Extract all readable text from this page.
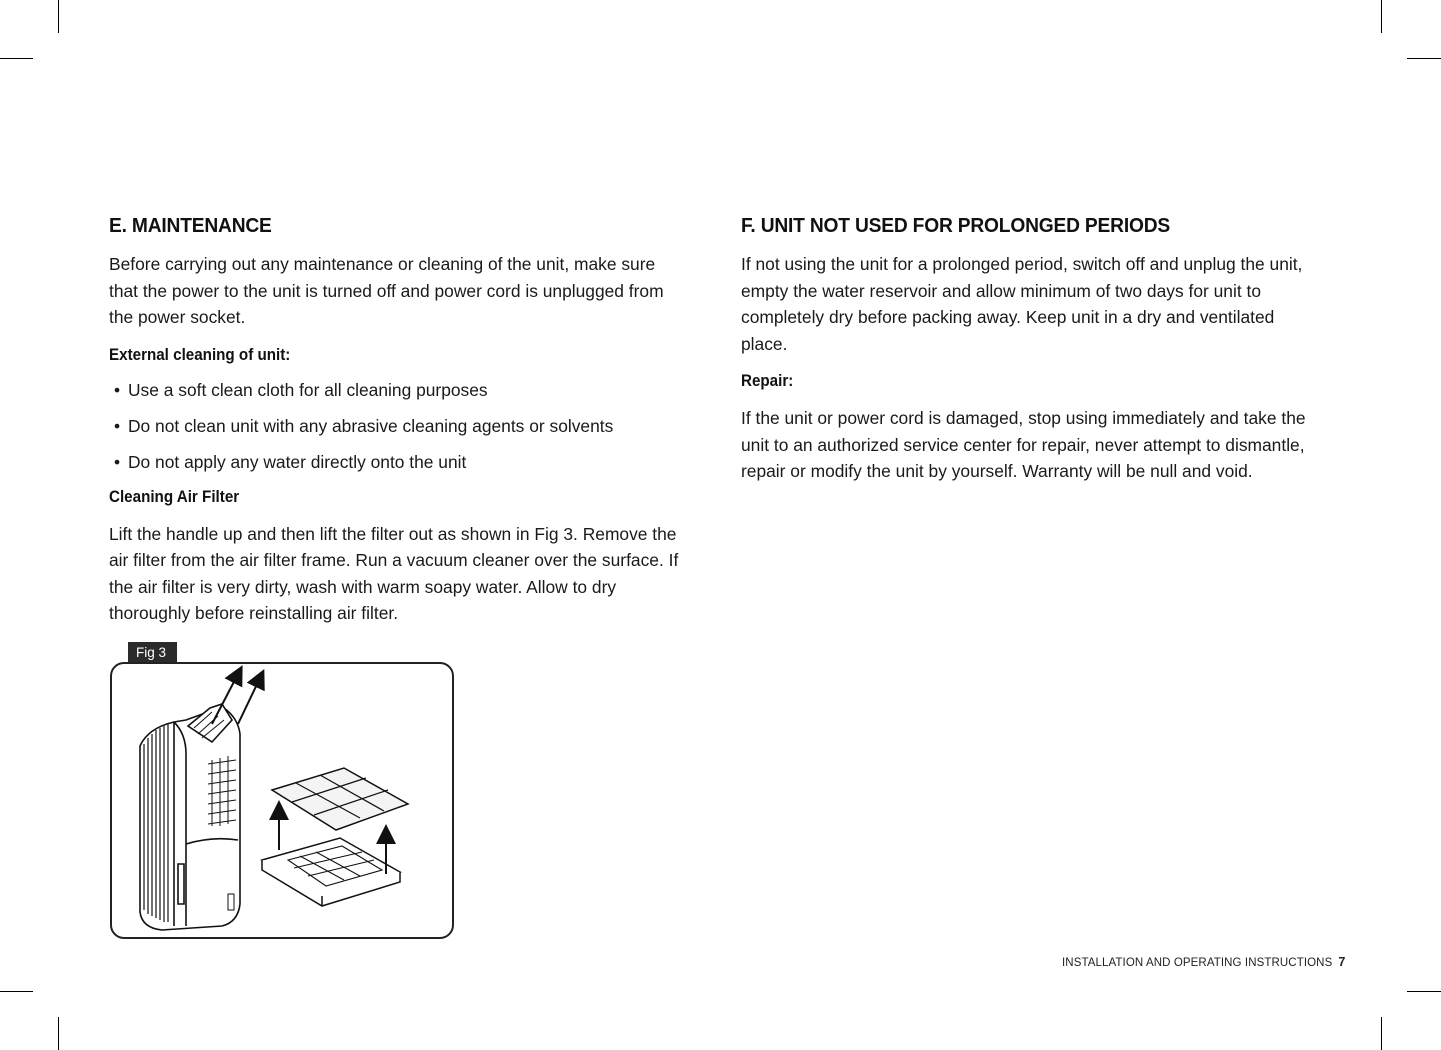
E. MAINTENANCE

Before carrying out any maintenance or cleaning of the unit, make sure that the power to the unit is turned off and power cord is unplugged from the power socket.

External cleaning of unit:
• Use a soft clean cloth for all cleaning purposes
• Do not clean unit with any abrasive cleaning agents or solvents
• Do not apply any water directly onto the unit
Cleaning Air Filter

Lift the handle up and then lift the filter out as shown in Fig 3. Remove the air filter from the air filter frame. Run a vacuum cleaner over the surface. If the air filter is very dirty, wash with warm soapy water. Allow to dry thoroughly before reinstalling air filter.

Fig 3
F. UNIT NOT USED FOR PROLONGED PERIODS

If not using the unit for a prolonged period, switch off and unplug the unit, empty the water reservoir and allow minimum of two days for unit to completely dry before packing away. Keep unit in a dry and ventilated place.

Repair:

If the unit or power cord is damaged, stop using immediately and take the unit to an authorized service center for repair, never attempt to dismantle, repair or modify the unit by yourself. Warranty will be null and void.

INSTALLATION AND OPERATING INSTRUCTIONS 7
